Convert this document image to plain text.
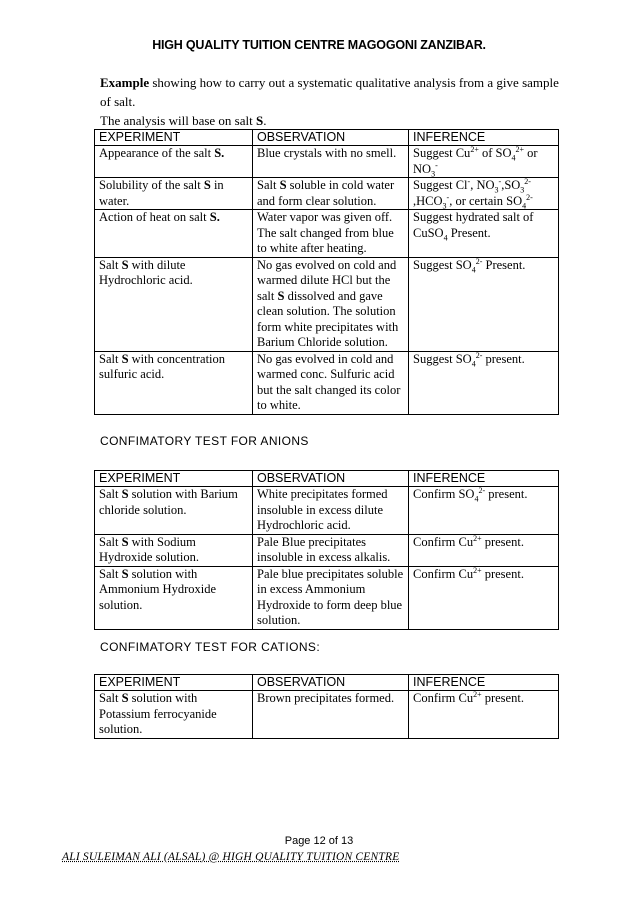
HIGH QUALITY TUITION CENTRE MAGOGONI ZANZIBAR.
Example showing how to carry out a systematic qualitative analysis from a give sample of salt.
The analysis will base on salt S.
EXPERIMENT	OBSERVATION	INFERENCE
Appearance of the salt S.	Blue crystals with no smell.	Suggest $Cu^{2+}$ of $SO_4^{2+}$ or $NO_3^-$
Solubility of the salt S in water.	Salt S soluble in cold water and form clear solution.	Suggest Cl-, $NO_3^-,SO_3^{2-}$ $,HCO_3^-$, or certain $SO_4^{2-}$
Action of heat on salt S.	Water vapor was given off. The salt changed from blue to white after heating.	Suggest hydrated salt of CuSO$_4$ Present.
Salt S with dilute Hydrochloric acid.	No gas evolved on cold and warmed dilute HCl but the salt S dissolved and gave clean solution. The solution form white precipitates with Barium Chloride solution.	Suggest $SO_4^{2-}$ Present.
Salt S with concentration sulfuric acid.	No gas evolved in cold and warmed conc. Sulfuric acid but the salt changed its color to white.	Suggest $SO_4^{2-}$ present.
CONFIMATORY TEST FOR ANIONS
EXPERIMENT	OBSERVATION	INFERENCE
Salt S solution with Barium chloride solution.	White precipitates formed insoluble in excess dilute Hydrochloric acid.	Confirm $SO_4^{2-}$ present.
Salt S with Sodium Hydroxide solution.	Pale Blue precipitates insoluble in excess alkalis.	Confirm $Cu^{2+}$ present.
Salt S solution with Ammonium Hydroxide solution.	Pale blue precipitates soluble in excess Ammonium Hydroxide to form deep blue solution.	Confirm $Cu^{2+}$ present.
CONFIMATORY TEST FOR CATIONS:
EXPERIMENT	OBSERVATION	INFERENCE
Salt S solution with Potassium ferrocyanide solution.	Brown precipitates formed.	Confirm $Cu^{2+}$ present.
Page 12 of 13
ALI SULEIMAN ALI (ALSAL) @ HIGH QUALITY TUITION CENTRE
